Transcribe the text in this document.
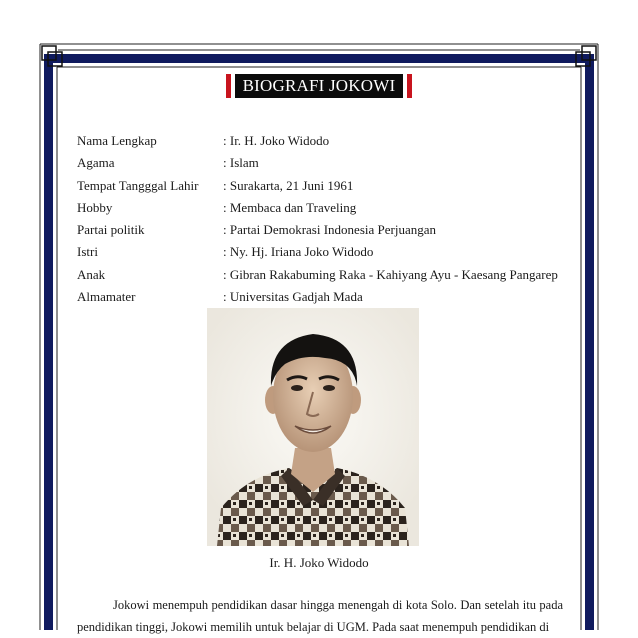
BIOGRAFI JOKOWI
Nama Lengkap	: Ir. H. Joko Widodo
Agama	: Islam
Tempat Tangggal Lahir	: Surakarta, 21 Juni 1961
Hobby	: Membaca dan Traveling
Partai politik	: Partai Demokrasi Indonesia Perjuangan
Istri	: Ny. Hj. Iriana Joko Widodo
Anak	: Gibran Rakabuming Raka - Kahiyang Ayu - Kaesang Pangarep
Almamater	: Universitas Gadjah Mada
Ir. H. Joko Widodo

Jokowi menempuh pendidikan dasar hingga menengah di kota Solo. Dan setelah itu pada pendidikan tinggi, Jokowi memilih untuk belajar di UGM. Pada saat menempuh pendidikan di
